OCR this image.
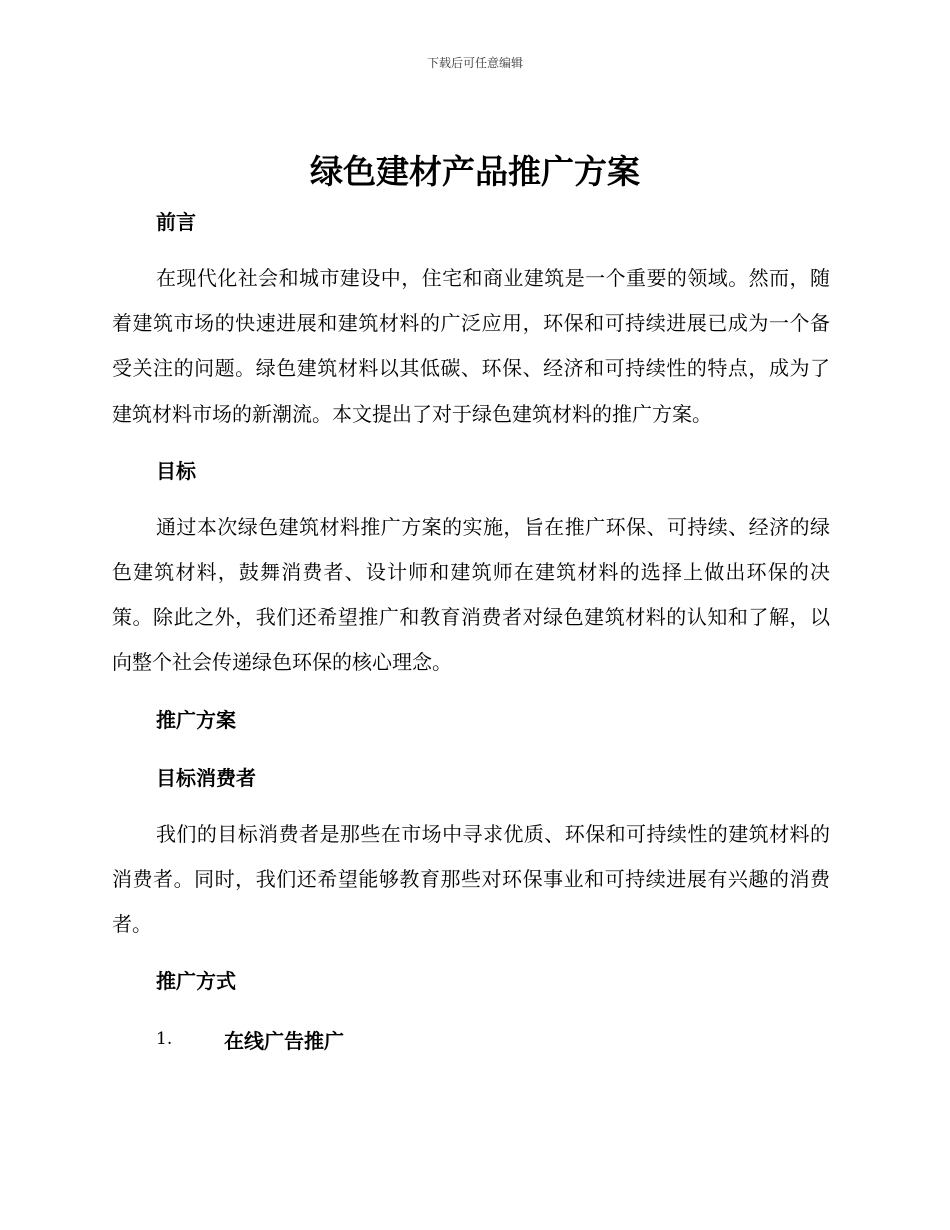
下载后可任意编辑
绿色建材产品推广方案
前言

在现代化社会和城市建设中，住宅和商业建筑是一个重要的领域。然而，随着建筑市场的快速进展和建筑材料的广泛应用，环保和可持续进展已成为一个备受关注的问题。绿色建筑材料以其低碳、环保、经济和可持续性的特点，成为了建筑材料市场的新潮流。本文提出了对于绿色建筑材料的推广方案。

目标

通过本次绿色建筑材料推广方案的实施，旨在推广环保、可持续、经济的绿色建筑材料，鼓舞消费者、设计师和建筑师在建筑材料的选择上做出环保的决策。除此之外，我们还希望推广和教育消费者对绿色建筑材料的认知和了解，以向整个社会传递绿色环保的核心理念。

推广方案
目标消费者

我们的目标消费者是那些在市场中寻求优质、环保和可持续性的建筑材料的消费者。同时，我们还希望能够教育那些对环保事业和可持续进展有兴趣的消费者。

推广方式
1.	在线广告推广
